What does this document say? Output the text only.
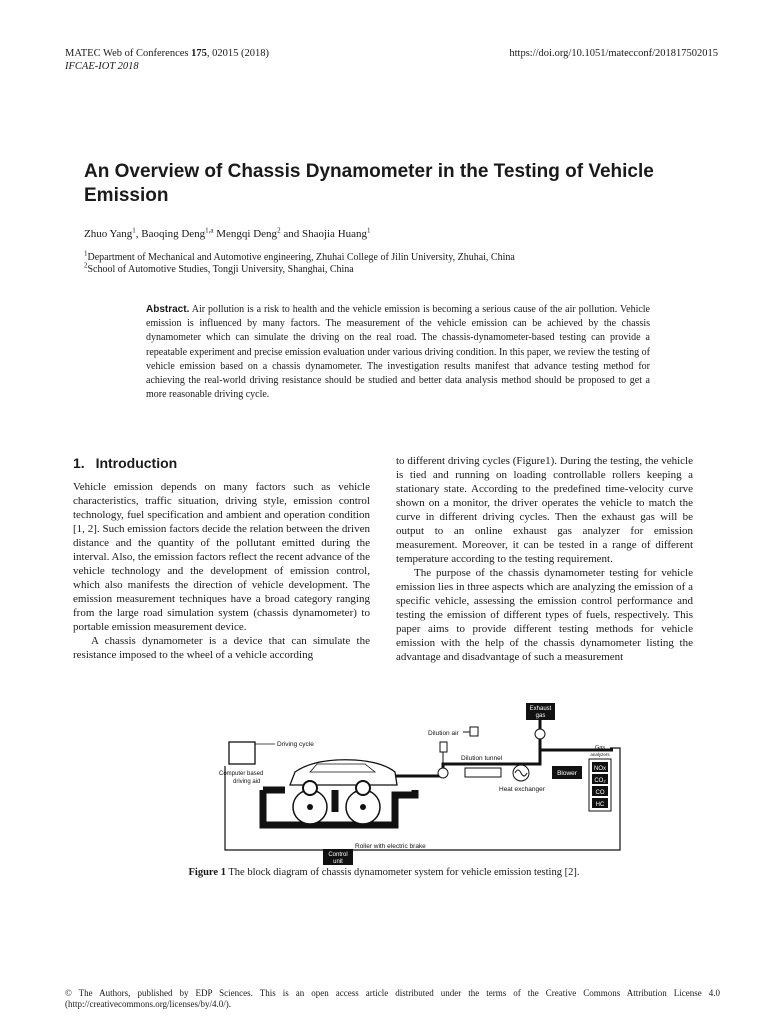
MATEC Web of Conferences 175, 02015 (2018)
IFCAE-IOT 2018
https://doi.org/10.1051/matecconf/201817502015
An Overview of Chassis Dynamometer in the Testing of Vehicle Emission
Zhuo Yang$^1$, Baoqing Deng$^{1,a}$ Mengqi Deng$^2$ and Shaojia Huang$^1$
$^1$Department of Mechanical and Automotive engineering, Zhuhai College of Jilin University, Zhuhai, China
$^2$School of Automotive Studies, Tongji University, Shanghai, China
Abstract. Air pollution is a risk to health and the vehicle emission is becoming a serious cause of the air pollution. Vehicle emission is influenced by many factors. The measurement of the vehicle emission can be achieved by the chassis dynamometer which can simulate the driving on the real road. The chassis-dynamometer-based testing can provide a repeatable experiment and precise emission evaluation under various driving condition. In this paper, we review the testing of vehicle emission based on a chassis dynamometer. The investigation results manifest that advance testing method for achieving the real-world driving resistance should be studied and better data analysis method should be proposed to get a more reasonable driving cycle.
1.  Introduction

Vehicle emission depends on many factors such as vehicle characteristics, traffic situation, driving style, emission control technology, fuel specification and ambient and operation condition [1, 2]. Such emission factors decide the relation between the driven distance and the quantity of the pollutant emitted during the interval. Also, the emission factors reflect the recent advance of the vehicle technology and the development of emission control, which also manifests the direction of vehicle development. The emission measurement techniques have a broad category ranging from the large road simulation system (chassis dynamometer) to portable emission measurement device.

A chassis dynamometer is a device that can simulate the resistance imposed to the wheel of a vehicle according

to different driving cycles (Figure1). During the testing, the vehicle is tied and running on loading controllable rollers keeping a stationary state. According to the predefined time-velocity curve shown on a monitor, the driver operates the vehicle to match the curve in different driving cycles. Then the exhaust gas will be output to an online exhaust gas analyzer for emission measurement. Moreover, it can be tested in a range of different temperature according to the testing requirement.

The purpose of the chassis dynamometer testing for vehicle emission lies in three aspects which are analyzing the emission of a specific vehicle, assessing the emission control performance and testing the emission of different types of fuels, respectively. This paper aims to provide different testing methods for vehicle emission with the help of the chassis dynamometer listing the advantage and disadvantage of such a measurement

Exhaust
gas
Dilution air
Dilution tunnel
Heat exchanger
Blower
Gas
analyzers
NOx
CO₂
CO
HC
Driving cycle
Computer based
driving aid
Roller with electric brake
Control
unit
Figure 1 The block diagram of chassis dynamometer system for vehicle emission testing [2].
© The Authors, published by EDP Sciences. This is an open access article distributed under the terms of the Creative Commons Attribution License 4.0 (http://creativecommons.org/licenses/by/4.0/).
